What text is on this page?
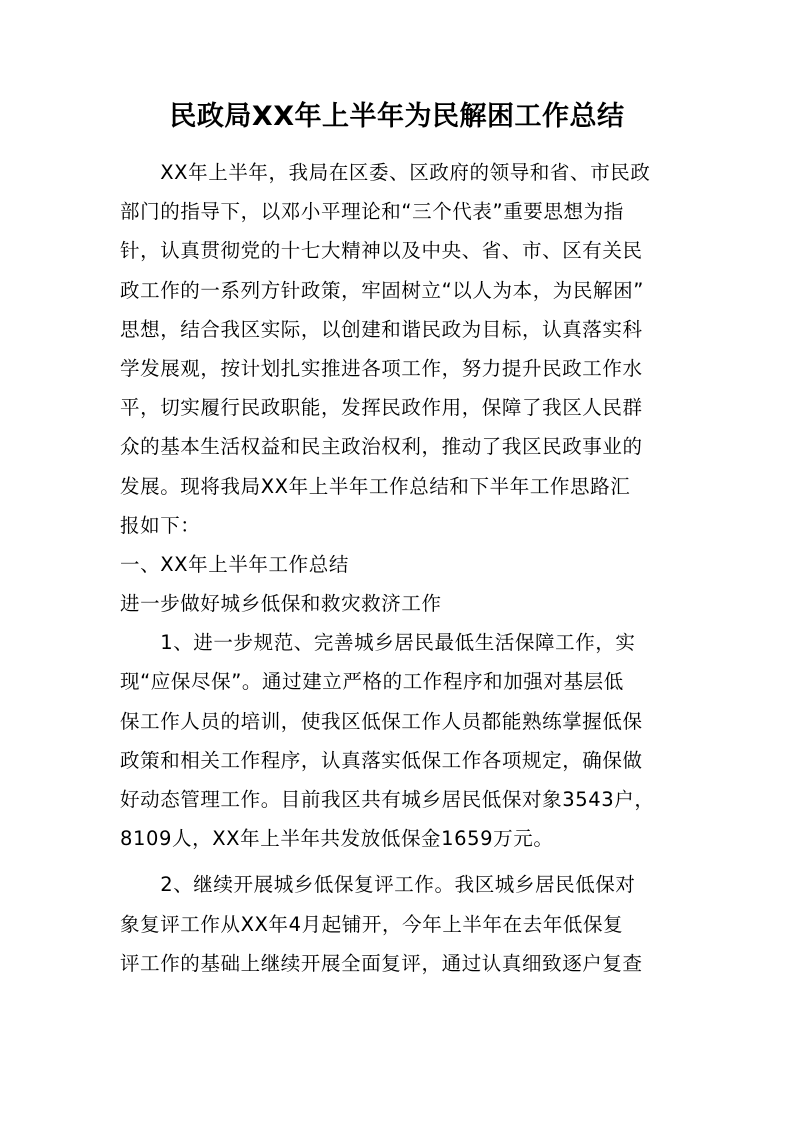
民政局XX年上半年为民解困工作总结
　　XX年上半年，我局在区委、区政府的领导和省、市民政
部门的指导下，以邓小平理论和“三个代表”重要思想为指
针，认真贯彻党的十七大精神以及中央、省、市、区有关民
政工作的一系列方针政策，牢固树立“以人为本，为民解困”
思想，结合我区实际，以创建和谐民政为目标，认真落实科
学发展观，按计划扎实推进各项工作，努力提升民政工作水
平，切实履行民政职能，发挥民政作用，保障了我区人民群
众的基本生活权益和民主政治权利，推动了我区民政事业的
发展。现将我局XX年上半年工作总结和下半年工作思路汇
报如下：
一、XX年上半年工作总结
进一步做好城乡低保和救灾救济工作
　　1、进一步规范、完善城乡居民最低生活保障工作，实
现“应保尽保”。通过建立严格的工作程序和加强对基层低
保工作人员的培训，使我区低保工作人员都能熟练掌握低保
政策和相关工作程序，认真落实低保工作各项规定，确保做
好动态管理工作。目前我区共有城乡居民低保对象3543户，
8109人，XX年上半年共发放低保金1659万元。
　　2、继续开展城乡低保复评工作。我区城乡居民低保对
象复评工作从XX年4月起铺开，今年上半年在去年低保复
评工作的基础上继续开展全面复评，通过认真细致逐户复查
